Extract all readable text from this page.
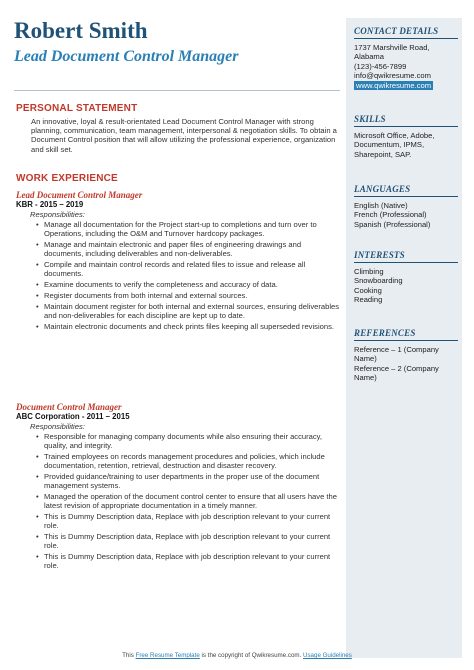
Robert Smith
Lead Document Control Manager
PERSONAL STATEMENT
An innovative, loyal & result-orientated Lead Document Control Manager with strong planning, communication, team management, interpersonal & negotiation skills. To obtain a Document Control position that will allow utilizing the professional experience, organization and skill set.
WORK EXPERIENCE
Lead Document Control Manager
KBR - 2015 – 2019
Responsibilities:
• Manage all documentation for the Project start-up to completions and turn over to Operations, including the O&M and Turnover hardcopy packages.
• Manage and maintain electronic and paper files of engineering drawings and documents, including deliverables and non-deliverables.
• Compile and maintain control records and related files to issue and release all documents.
• Examine documents to verify the completeness and accuracy of data.
• Register documents from both internal and external sources.
• Maintain document register for both internal and external sources, ensuring deliverables and non-deliverables for each discipline are kept up to date.
• Maintain electronic documents and check prints files keeping all superseded revisions.
Document Control Manager
ABC Corporation - 2011 – 2015
Responsibilities:
• Responsible for managing company documents while also ensuring their accuracy, quality, and integrity.
• Trained employees on records management procedures and policies, which include documentation, retention, retrieval, destruction and disaster recovery.
• Provided guidance/training to user departments in the proper use of the document management systems.
• Managed the operation of the document control center to ensure that all users have the latest revision of appropriate documentation in a timely manner.
• This is Dummy Description data, Replace with job description relevant to your current role.
• This is Dummy Description data, Replace with job description relevant to your current role.
• This is Dummy Description data, Replace with job description relevant to your current role.
CONTACT DETAILS
1737 Marshville Road,
Alabama
(123)-456-7899
info@qwikresume.com
www.qwikresume.com
SKILLS
Microsoft Office, Adobe,
Documentum, IPMS,
Sharepoint, SAP.
LANGUAGES
English (Native)
French (Professional)
Spanish (Professional)
INTERESTS
Climbing
Snowboarding
Cooking
Reading
REFERENCES
Reference – 1 (Company
Name)
Reference – 2 (Company
Name)
This Free Resume Template is the copyright of Qwikresume.com. Usage Guidelines
